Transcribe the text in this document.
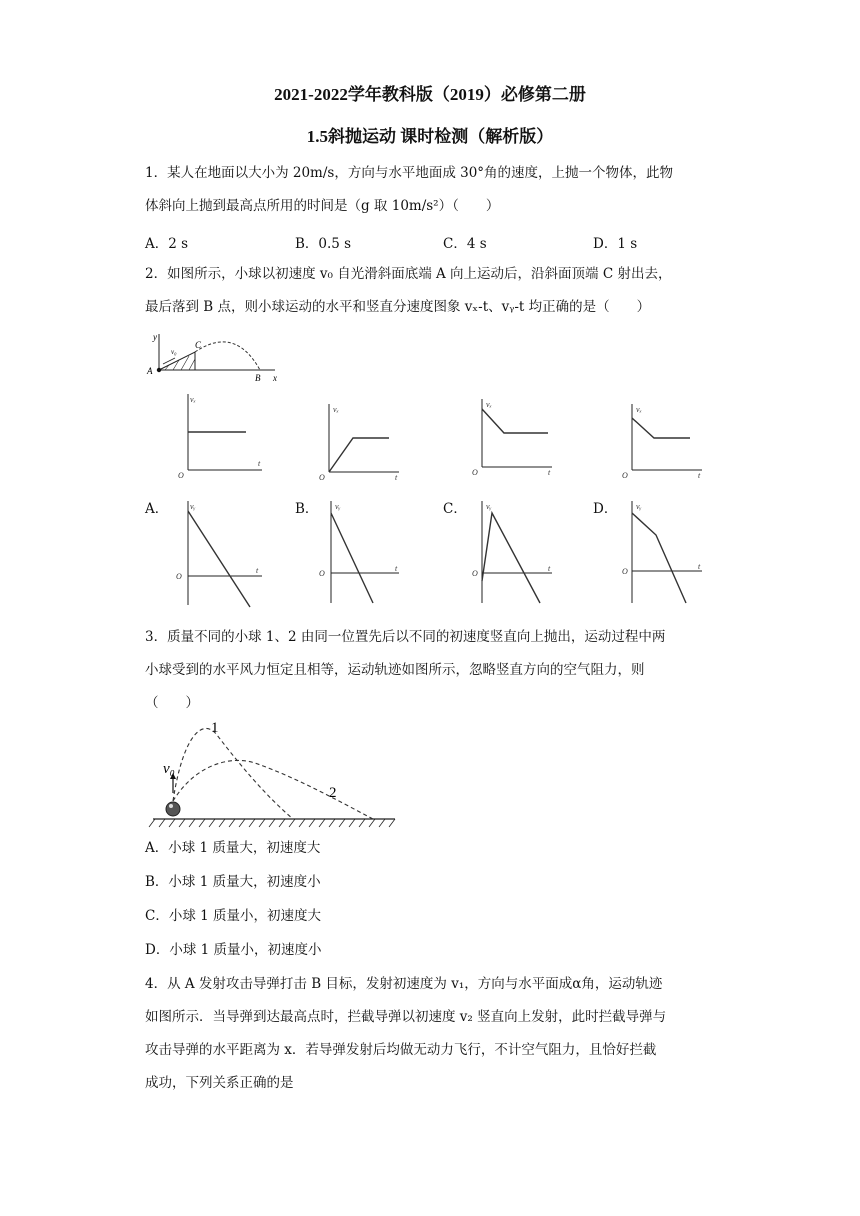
2021-2022学年教科版（2019）必修第二册
1.5斜抛运动 课时检测（解析版）
1．某人在地面以大小为 20m/s，方向与水平地面成 30°角的速度，上抛一个物体，此物
体斜向上抛到最高点所用的时间是（g 取 10m/s²）（　　）
A．2 s	B．0.5 s	C．4 s	D．1 s
2．如图所示，小球以初速度 v₀ 自光滑斜面底端 A 向上运动后，沿斜面顶端 C 射出去，
最后落到 B 点，则小球运动的水平和竖直分速度图象 vₓ-t、vᵧ-t 均正确的是（　　）
y
A
C
B x
v₀
vₓ
t
O
vₓ
t
O
vₓ
t
O
vₓ
t
O
A．	B．	C．	D．
vᵧ
t
O
vᵧ
t
O
vᵧ
t
O
vᵧ
t
O
3．质量不同的小球 1、2 由同一位置先后以不同的初速度竖直向上抛出，运动过程中两
小球受到的水平风力恒定且相等，运动轨迹如图所示，忽略竖直方向的空气阻力，则
（　　）
v₀
1
2
A．小球 1 质量大，初速度大
B．小球 1 质量大，初速度小
C．小球 1 质量小，初速度大
D．小球 1 质量小，初速度小
4．从 A 发射攻击导弹打击 B 目标，发射初速度为 v₁，方向与水平面成α角，运动轨迹
如图所示．当导弹到达最高点时，拦截导弹以初速度 v₂ 竖直向上发射，此时拦截导弹与
攻击导弹的水平距离为 x．若导弹发射后均做无动力飞行，不计空气阻力，且恰好拦截
成功，下列关系正确的是
